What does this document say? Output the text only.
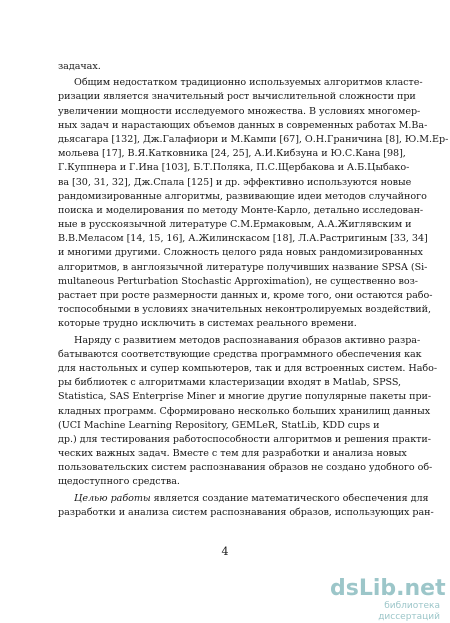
задачах.
Общим недостатком традиционно используемых алгоритмов класте-
ризации является значительный рост вычислительной сложности при
увеличении мощности исследуемого множества. В условиях многомер-
ных задач и нарастающих объемов данных в современных работах М.Ва-
дьясагара [132], Дж.Галафиори и М.Кампи [67], О.Н.Граничина [8], Ю.М.Ер-
мольева [17], В.Я.Катковника [24, 25], А.И.Кибзуна и Ю.С.Кана [98],
Г.Куппнера и Г.Ина [103], Б.Т.Поляка, П.С.Щербакова и А.Б.Цыбако-
ва [30, 31, 32], Дж.Спала [125] и др. эффективно используются новые
рандомизированные алгоритмы, развивающие идеи методов случайного
поиска и моделирования по методу Монте-Карло, детально исследован-
ные в русскоязычной литературе С.М.Ермаковым, А.А.Жиглявским и
В.В.Меласом [14, 15, 16], А.Жилинскасом [18], Л.А.Растригиным [33, 34]
и многими другими. Сложность целого ряда новых рандомизированных
алгоритмов, в англоязычной литературе получивших название SPSA (Si-
multaneous Perturbation Stochastic Approximation), не существенно воз-
растает при росте размерности данных и, кроме того, они остаются рабо-
тоспособными в условиях значительных неконтролируемых воздействий,
которые трудно исключить в системах реального времени.
Наряду с развитием методов распознавания образов активно разра-
батываются соответствующие средства программного обеспечения как
для настольных и супер компьютеров, так и для встроенных систем. Набо-
ры библиотек с алгоритмами кластеризации входят в Matlab, SPSS,
Statistica, SAS Enterprise Miner и многие другие популярные пакеты при-
кладных программ. Сформировано несколько больших хранилищ данных
(UCI Machine Learning Repository, GEMLeR, StatLib, KDD cups и
др.) для тестирования работоспособности алгоритмов и решения практи-
ческих важных задач. Вместе с тем для разработки и анализа новых
пользовательских систем распознавания образов не создано удобного об-
щедоступного средства.
Целью работы является создание математического обеспечения для
разработки и анализа систем распознавания образов, использующих ран-
4
dsLib.net
библиотека диссертаций
